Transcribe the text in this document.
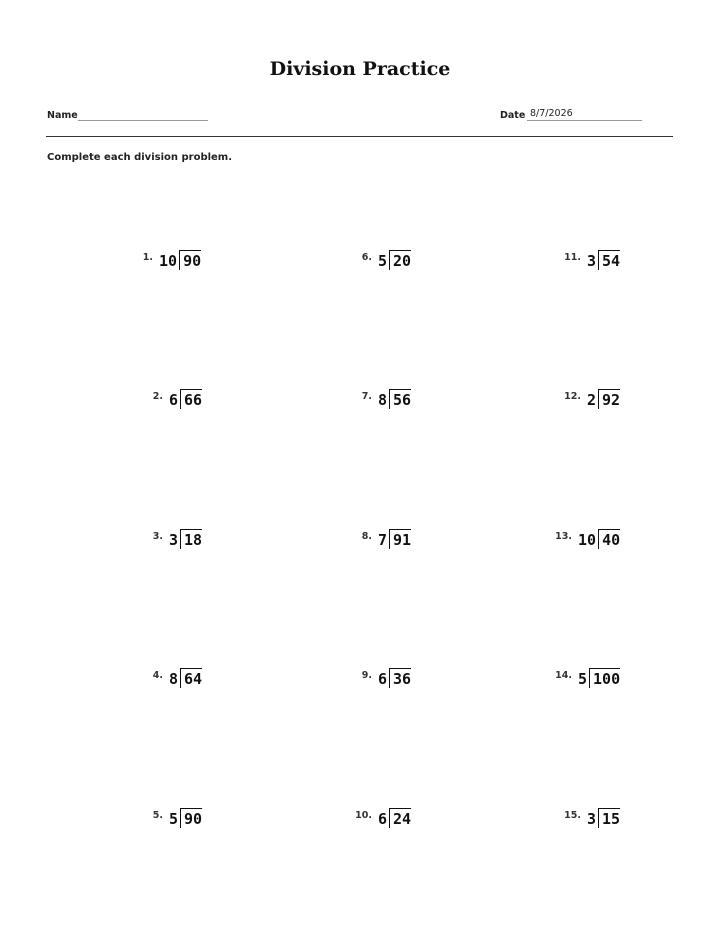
Division Practice
Name	Date 8/7/2026
Complete each division problem.
1. 10 90
2. 6 66
3. 3 18
4. 8 64
5. 5 90
6. 5 20
7. 8 56
8. 7 91
9. 6 36
10. 6 24
11. 3 54
12. 2 92
13. 10 40
14. 5 100
15. 3 15
